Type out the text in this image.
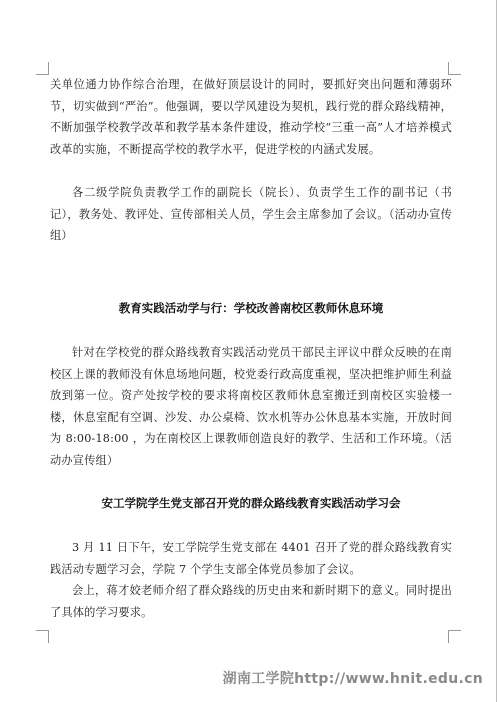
关单位通力协作综合治理，在做好顶层设计的同时，要抓好突出问题和薄弱环节，切实做到“严治”。他强调，要以学风建设为契机，践行党的群众路线精神，不断加强学校教学改革和教学基本条件建设，推动学校“三重一高”人才培养模式改革的实施，不断提高学校的教学水平，促进学校的内涵式发展。

各二级学院负责教学工作的副院长（院长）、负责学生工作的副书记（书记），教务处、教评处、宣传部相关人员，学生会主席参加了会议。（活动办宣传组）

教育实践活动学与行：学校改善南校区教师休息环境

针对在学校党的群众路线教育实践活动党员干部民主评议中群众反映的在南校区上课的教师没有休息场地问题，校党委行政高度重视，坚决把维护师生利益放到第一位。资产处按学校的要求将南校区教师休息室搬迁到南校区实验楼一楼，休息室配有空调、沙发、办公桌椅、饮水机等办公休息基本实施，开放时间为 8:00-18:00 ，为在南校区上课教师创造良好的教学、生活和工作环境。（活动办宣传组）

安工学院学生党支部召开党的群众路线教育实践活动学习会

3 月 11 日下午，安工学院学生党支部在 4401 召开了党的群众路线教育实践活动专题学习会，学院 7 个学生支部全体党员参加了会议。

会上，蒋才姣老师介绍了群众路线的历史由来和新时期下的意义。同时提出了具体的学习要求。

湖南工学院http://www.hnit.edu.cn
